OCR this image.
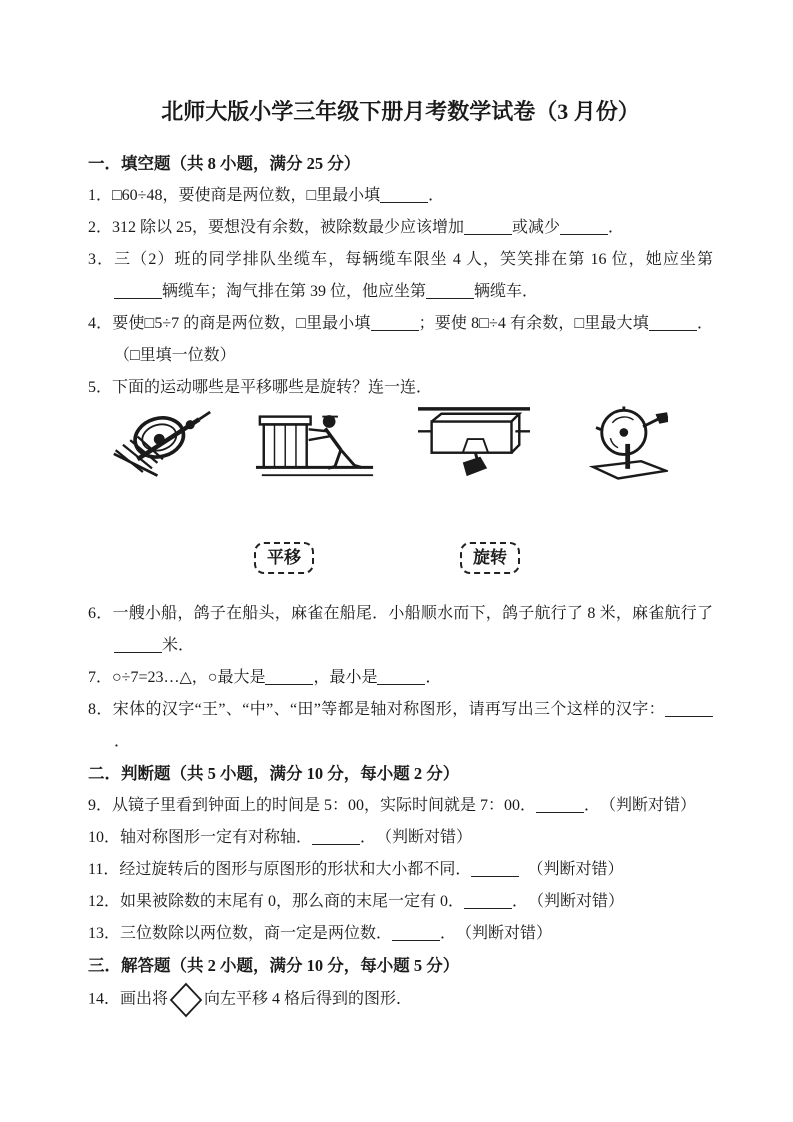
北师大版小学三年级下册月考数学试卷（3 月份）

一．填空题（共 8 小题，满分 25 分）

1．□60÷48，要使商是两位数，□里最小填	．

2．312 除以 25，要想没有余数，被除数最少应该增加	或减少	．

3．三（2）班的同学排队坐缆车，每辆缆车限坐 4 人，笑笑排在第 16 位，她应坐第辆缆车；淘气排在第 39 位，他应坐第	辆缆车．

4．要使□5÷7 的商是两位数，□里最小填	；要使 8□÷4 有余数，□里最大填	．（□里填一位数）

5．下面的运动哪些是平移哪些是旋转？连一连．

平移	旋转

6．一艘小船，鸽子在船头，麻雀在船尾．小船顺水而下，鸽子航行了 8 米，麻雀航行了米．

7．○÷7=23…△，○最大是	，最小是	．

8．宋体的汉字“王”、“中”、“田”等都是轴对称图形，请再写出三个这样的汉字：．

二．判断题（共 5 小题，满分 10 分，每小题 2 分）

9．从镜子里看到钟面上的时间是 5：00，实际时间就是 7：00．	．　（判断对错）

10．轴对称图形一定有对称轴．	．　（判断对错）

11．经过旋转后的图形与原图形的形状和大小都不同．	　（判断对错）

12．如果被除数的末尾有 0，那么商的末尾一定有 0．	．　（判断对错）

13．三位数除以两位数，商一定是两位数．	．　（判断对错）

三．解答题（共 2 小题，满分 10 分，每小题 5 分）

14．画出将 向左平移 4 格后得到的图形．
